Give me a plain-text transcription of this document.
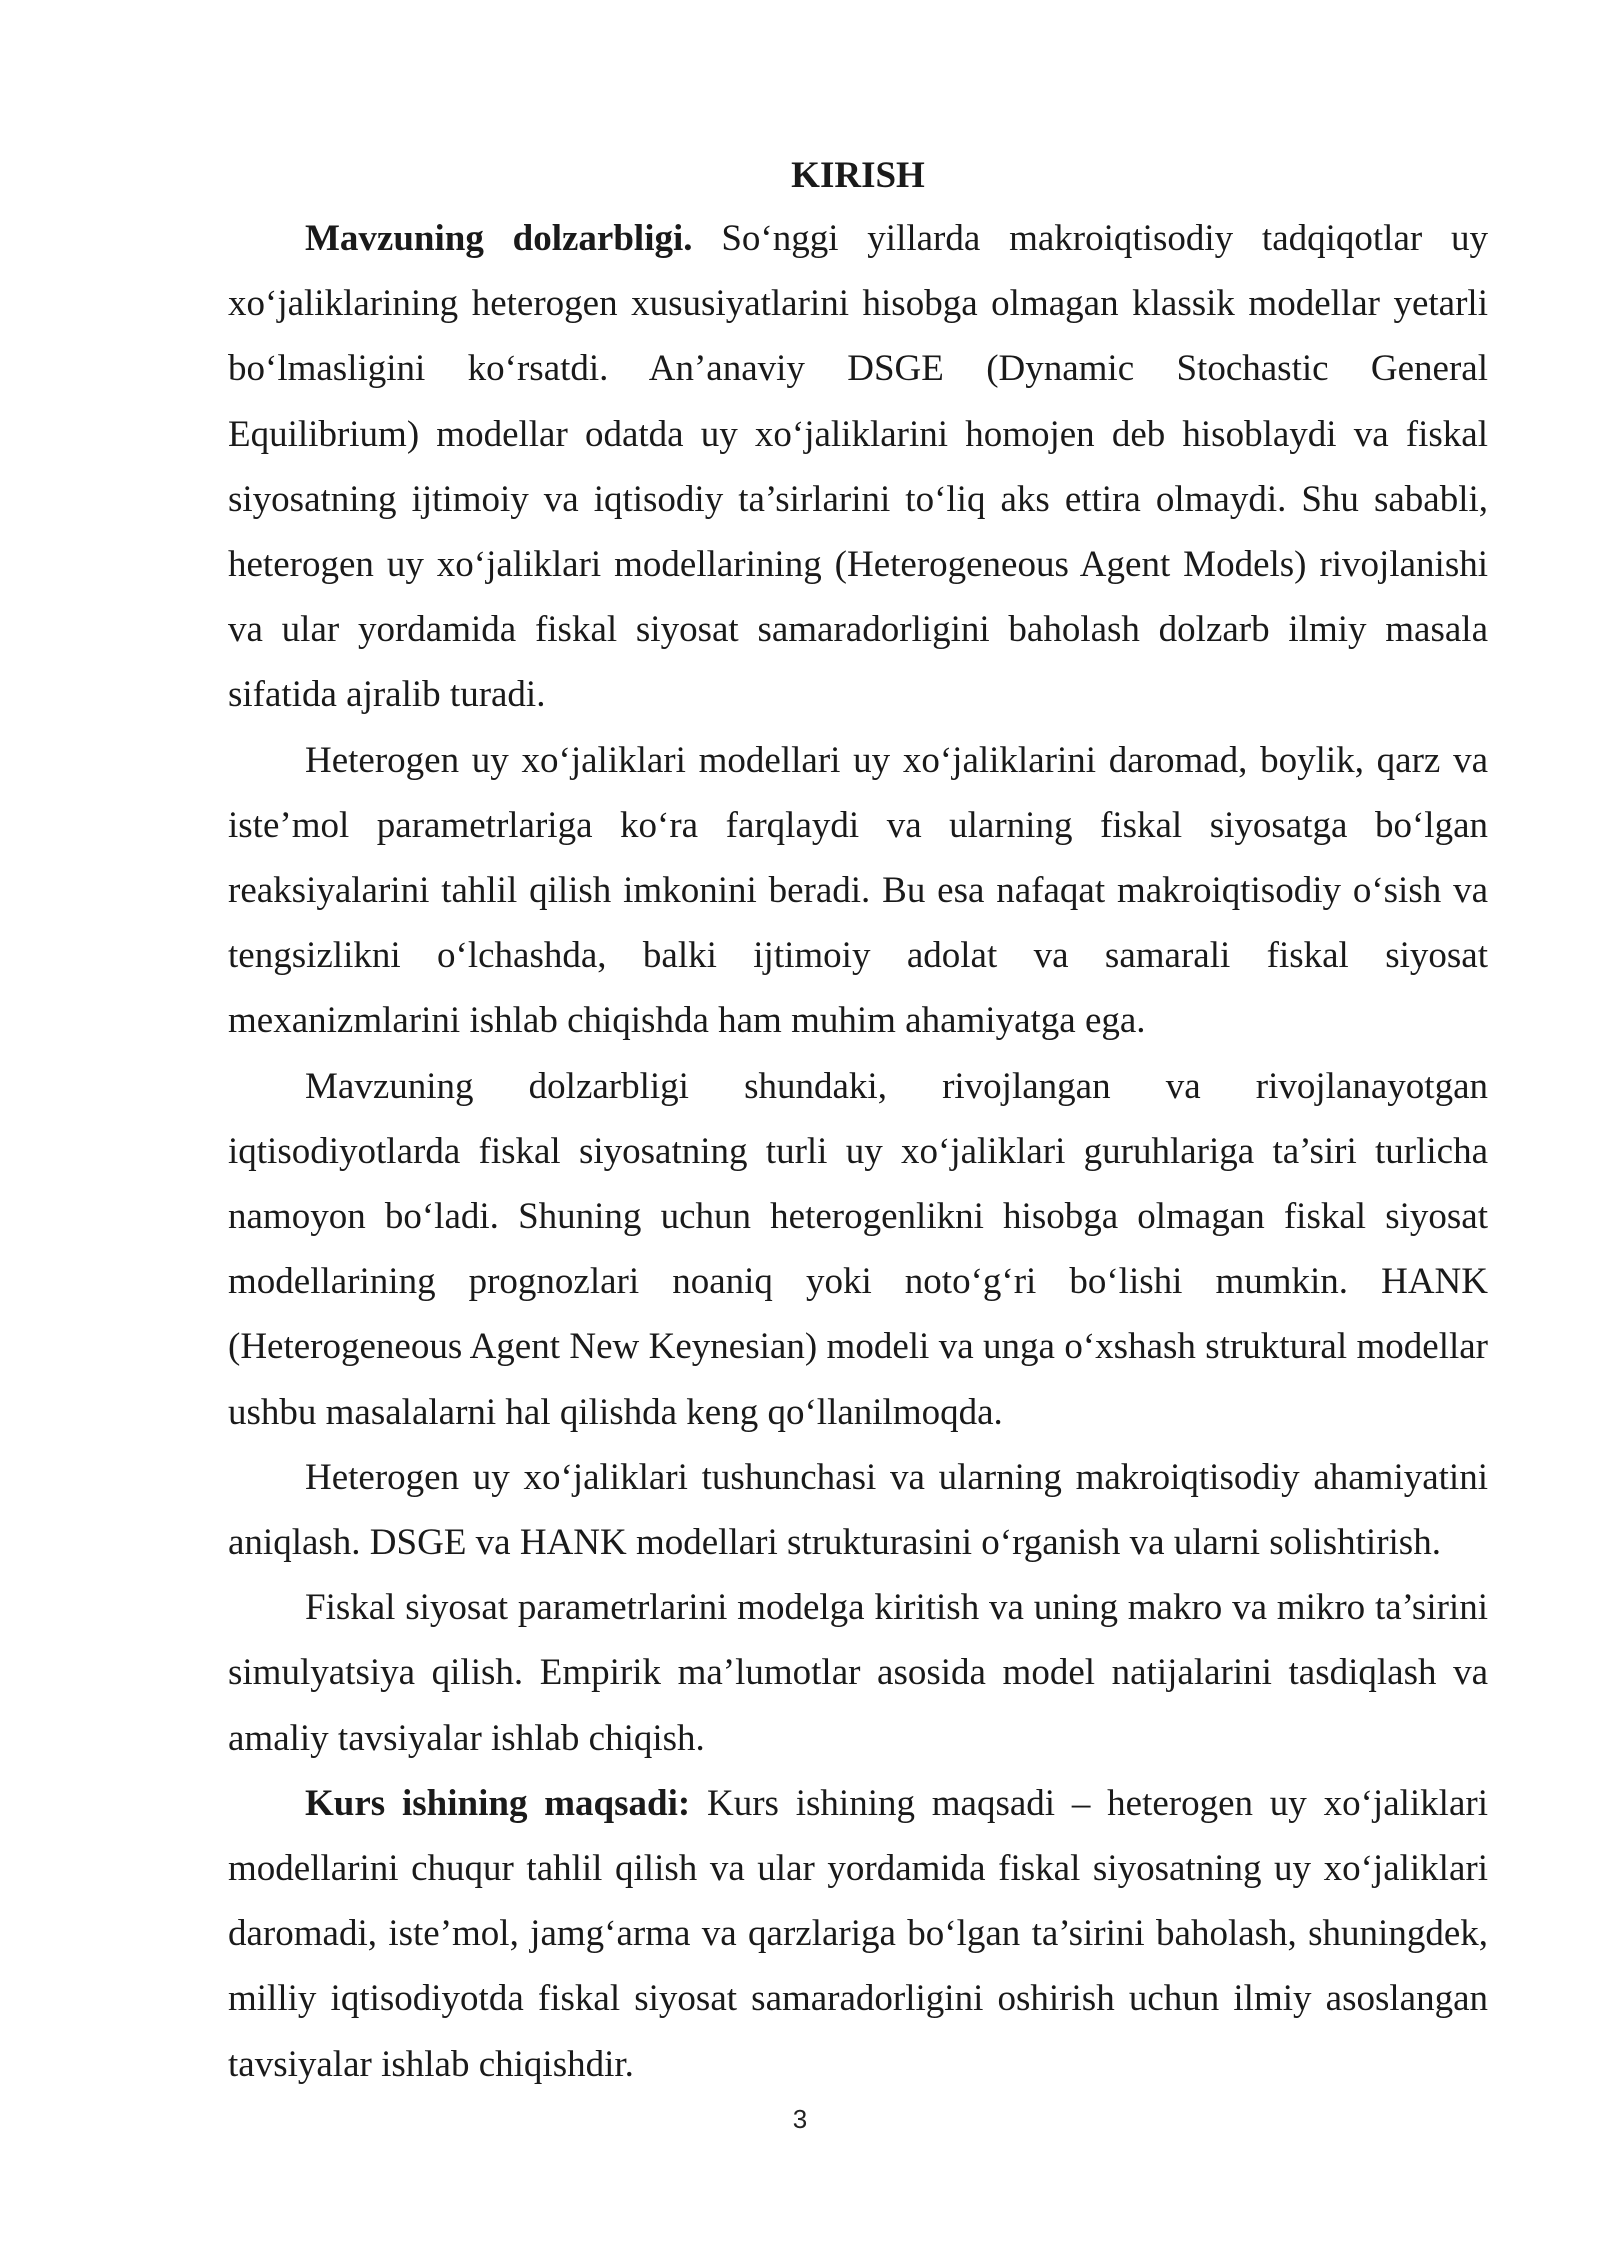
KIRISH

Mavzuning dolzarbligi. So‘nggi yillarda makroiqtisodiy tadqiqotlar uy xo‘jaliklarining heterogen xususiyatlarini hisobga olmagan klassik modellar yetarli bo‘lmasligini ko‘rsatdi. An’anaviy DSGE (Dynamic Stochastic General Equilibrium) modellar odatda uy xo‘jaliklarini homojen deb hisoblaydi va fiskal siyosatning ijtimoiy va iqtisodiy ta’sirlarini to‘liq aks ettira olmaydi. Shu sababli, heterogen uy xo‘jaliklari modellarining (Heterogeneous Agent Models) rivojlanishi va ular yordamida fiskal siyosat samaradorligini baholash dolzarb ilmiy masala sifatida ajralib turadi.

Heterogen uy xo‘jaliklari modellari uy xo‘jaliklarini daromad, boylik, qarz va iste’mol parametrlariga ko‘ra farqlaydi va ularning fiskal siyosatga bo‘lgan reaksiyalarini tahlil qilish imkonini beradi. Bu esa nafaqat makroiqtisodiy o‘sish va tengsizlikni o‘lchashda, balki ijtimoiy adolat va samarali fiskal siyosat mexanizmlarini ishlab chiqishda ham muhim ahamiyatga ega.

Mavzuning dolzarbligi shundaki, rivojlangan va rivojlanayotgan iqtisodiyotlarda fiskal siyosatning turli uy xo‘jaliklari guruhlariga ta’siri turlicha namoyon bo‘ladi. Shuning uchun heterogenlikni hisobga olmagan fiskal siyosat modellarining prognozlari noaniq yoki noto‘g‘ri bo‘lishi mumkin. HANK (Heterogeneous Agent New Keynesian) modeli va unga o‘xshash struktural modellar ushbu masalalarni hal qilishda keng qo‘llanilmoqda.

Heterogen uy xo‘jaliklari tushunchasi va ularning makroiqtisodiy ahamiyatini aniqlash. DSGE va HANK modellari strukturasini o‘rganish va ularni solishtirish.

Fiskal siyosat parametrlarini modelga kiritish va uning makro va mikro ta’sirini simulyatsiya qilish. Empirik ma’lumotlar asosida model natijalarini tasdiqlash va amaliy tavsiyalar ishlab chiqish.

Kurs ishining maqsadi: Kurs ishining maqsadi – heterogen uy xo‘jaliklari modellarini chuqur tahlil qilish va ular yordamida fiskal siyosatning uy xo‘jaliklari daromadi, iste’mol, jamg‘arma va qarzlariga bo‘lgan ta’sirini baholash, shuningdek, milliy iqtisodiyotda fiskal siyosat samaradorligini oshirish uchun ilmiy asoslangan tavsiyalar ishlab chiqishdir.

3
